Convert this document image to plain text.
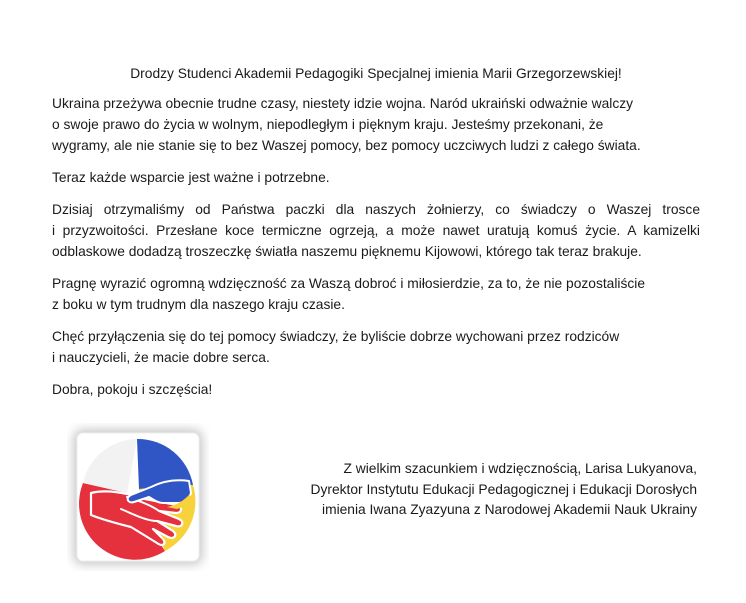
Drodzy Studenci Akademii Pedagogiki Specjalnej imienia Marii Grzegorzewskiej!

Ukraina przeżywa obecnie trudne czasy, niestety idzie wojna. Naród ukraiński odważnie walczy
o swoje prawo do życia w wolnym, niepodległym i pięknym kraju. Jesteśmy przekonani, że
wygramy, ale nie stanie się to bez Waszej pomocy, bez pomocy uczciwych ludzi z całego świata.
Teraz każde wsparcie jest ważne i potrzebne.
Dzisiaj otrzymaliśmy od Państwa paczki dla naszych żołnierzy, co świadczy o Waszej trosce
i przyzwoitości. Przesłane koce termiczne ogrzeją, a może nawet uratują komuś życie. A kamizelki
odblaskowe dodadzą troszeczkę światła naszemu pięknemu Kijowowi, którego tak teraz brakuje.
Pragnę wyrazić ogromną wdzięczność za Waszą dobroć i miłosierdzie, za to, że nie pozostaliście
z boku w tym trudnym dla naszego kraju czasie.
Chęć przyłączenia się do tej pomocy świadczy, że byliście dobrze wychowani przez rodziców
i nauczycieli, że macie dobre serca.
Dobra, pokoju i szczęścia!
Z wielkim szacunkiem i wdzięcznością, Larisa Lukyanova,
Dyrektor Instytutu Edukacji Pedagogicznej i Edukacji Dorosłych
imienia Iwana Zyazyuna z Narodowej Akademii Nauk Ukrainy
